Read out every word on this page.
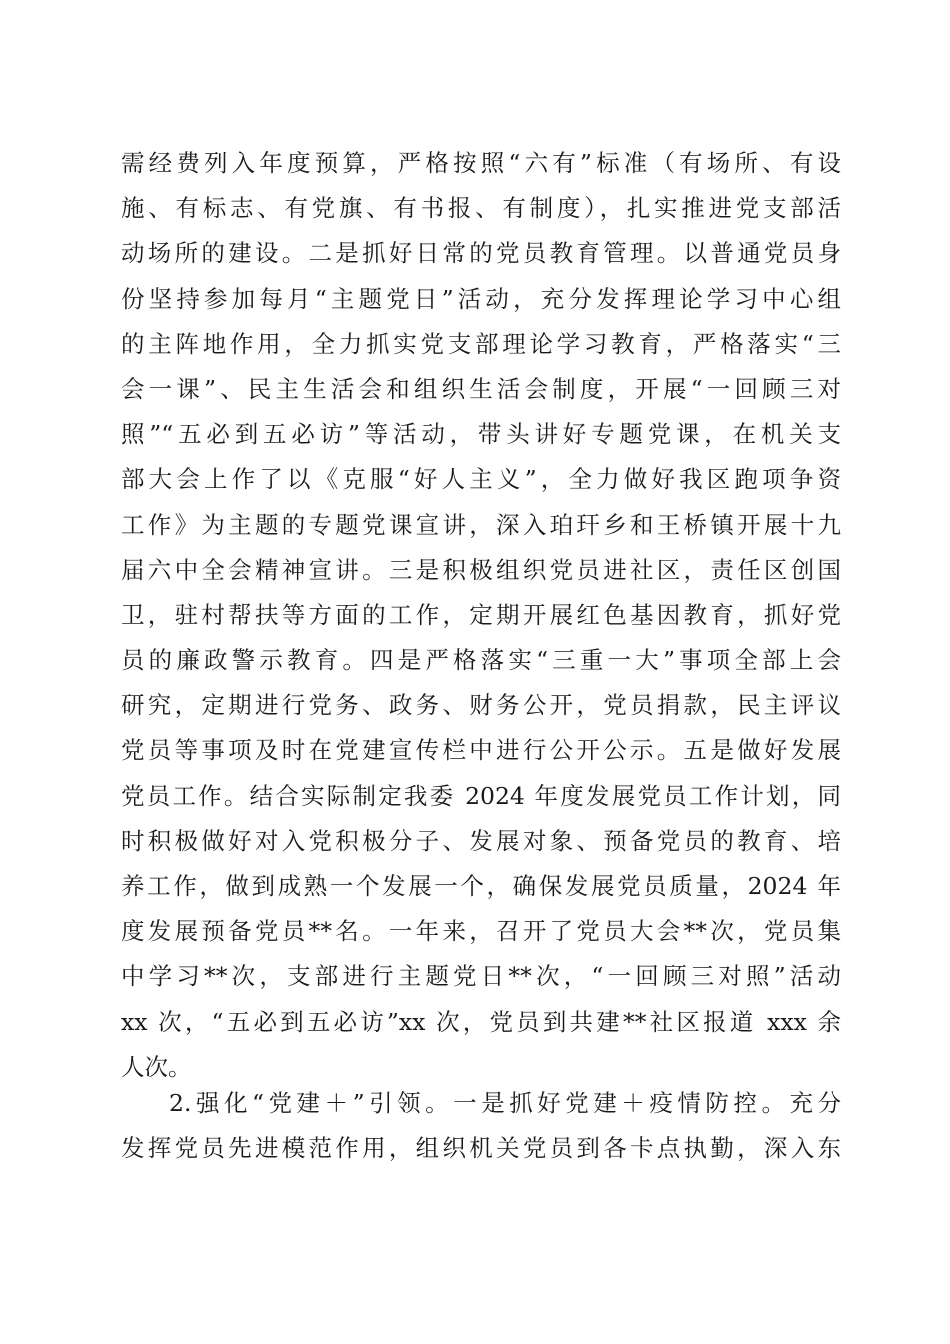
需经费列入年度预算，严格按照“六有”标准（有场所、有设
施、有标志、有党旗、有书报、有制度），扎实推进党支部活
动场所的建设。二是抓好日常的党员教育管理。以普通党员身
份坚持参加每月“主题党日”活动，充分发挥理论学习中心组
的主阵地作用，全力抓实党支部理论学习教育，严格落实“三
会一课”、民主生活会和组织生活会制度，开展“一回顾三对
照”“五必到五必访”等活动，带头讲好专题党课，在机关支
部大会上作了以《克服“好人主义”，全力做好我区跑项争资
工作》为主题的专题党课宣讲，深入珀玕乡和王桥镇开展十九
届六中全会精神宣讲。三是积极组织党员进社区，责任区创国
卫，驻村帮扶等方面的工作，定期开展红色基因教育，抓好党
员的廉政警示教育。四是严格落实“三重一大”事项全部上会
研究，定期进行党务、政务、财务公开，党员捐款，民主评议
党员等事项及时在党建宣传栏中进行公开公示。五是做好发展
党员工作。结合实际制定我委 2024 年度发展党员工作计划，同
时积极做好对入党积极分子、发展对象、预备党员的教育、培
养工作，做到成熟一个发展一个，确保发展党员质量，2024 年
度发展预备党员**名。一年来，召开了党员大会**次，党员集
中学习**次，支部进行主题党日**次，“一回顾三对照”活动
xx 次，“五必到五必访”xx 次，党员到共建**社区报道 xxx 余
人次。
2.强化“党建＋”引领。一是抓好党建＋疫情防控。充分
发挥党员先进模范作用，组织机关党员到各卡点执勤，深入东
